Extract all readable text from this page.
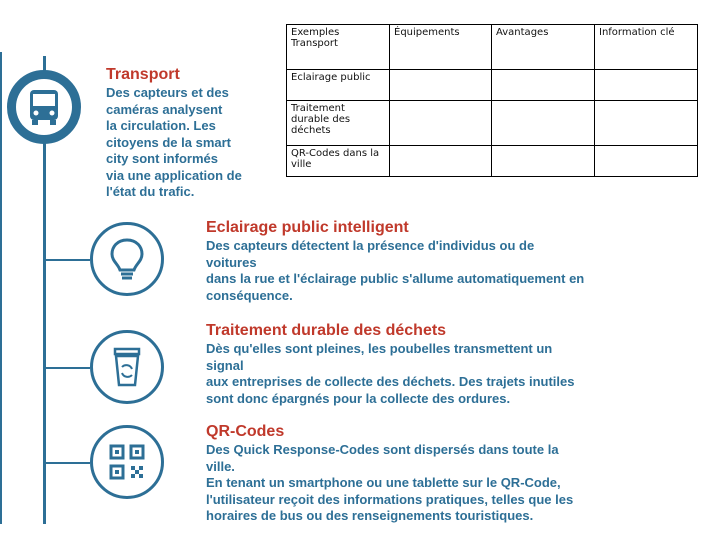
Transport
Des capteurs et des
caméras analysent
la circulation. Les
citoyens de la smart
city sont informés
via une application de
l'état du trafic.
Eclairage public intelligent
Des capteurs détectent la présence d'individus ou de voitures
dans la rue et l'éclairage public s'allume automatiquement en
conséquence.
Traitement durable des déchets
Dès qu'elles sont pleines, les poubelles transmettent un signal
aux entreprises de collecte des déchets. Des trajets inutiles
sont donc épargnés pour la collecte des ordures.
QR-Codes
Des Quick Response-Codes sont dispersés dans toute la ville.
En tenant un smartphone ou une tablette sur le QR-Code,
l'utilisateur reçoit des informations pratiques, telles que les
horaires de bus ou des renseignements touristiques.
Exemples Transport	Équipements	Avantages	Information clé
Eclairage public			
Traitement durable des déchets			
QR-Codes dans la ville			
